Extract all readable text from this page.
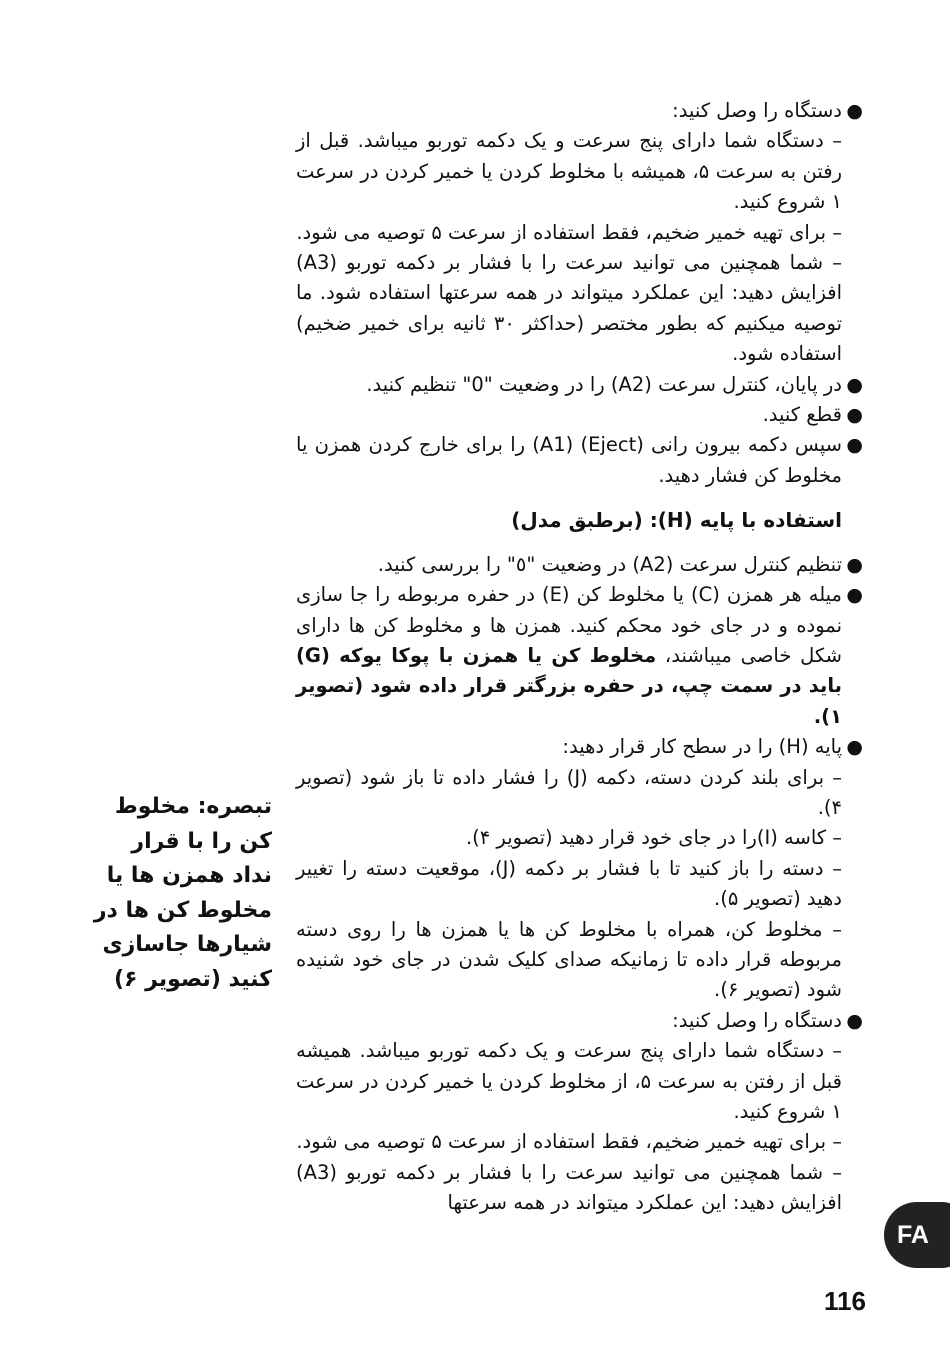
●
دستگاه را وصل کنید:

– دستگاه شما دارای پنج سرعت و یک دکمه توربو میباشد. قبل از رفتن به سرعت ۵، همیشه با مخلوط کردن یا خمیر کردن در سرعت ۱ شروع کنید.

– برای تهیه خمیر ضخیم، فقط استفاده از سرعت ۵ توصیه می شود.

– شما همچنین می توانید سرعت را با فشار بر دکمه توربو (A3) افزایش دهید: این عملکرد میتواند در همه سرعتها استفاده شود. ما توصیه میکنیم که بطور مختصر (حداکثر ۳۰ ثانیه برای خمیر ضخیم) استفاده شود.

●
در پایان، کنترل سرعت (A2) را در وضعیت "0" تنظیم کنید.

●
قطع کنید.

●
سپس دکمه بیرون رانی (Eject) (A1) را برای خارج کردن همزن یا مخلوط کن فشار دهید.

استفاده با پایه (H): (برطبق مدل)

●
تنظیم کنترل سرعت (A2) در وضعیت "٥" را بررسی کنید.

●
میله هر همزن (C) یا مخلوط کن (E) در حفره مربوطه را جا سازی نموده و در جای خود محکم کنید. همزن ها و مخلوط کن ها دارای شکل خاصی میباشند، مخلوط کن یا همزن با پوکا یوکه (G) باید در سمت چپ، در حفره بزرگتر قرار داده شود (تصویر ۱).

●
پایه (H) را در سطح کار قرار دهید:

– برای بلند کردن دسته، دکمه (J) را فشار داده تا باز شود (تصویر ۴).

– کاسه (I)را در جای خود قرار دهید (تصویر ۴).

– دسته را باز کنید تا با فشار بر دکمه (J)، موقعیت دسته را تغییر دهید (تصویر ۵).

– مخلوط کن، همراه با مخلوط کن ها یا همزن ها را روی دسته مربوطه قرار داده تا زمانیکه صدای کلیک شدن در جای خود شنیده شود (تصویر ۶).

●
دستگاه را وصل کنید:

– دستگاه شما دارای پنج سرعت و یک دکمه توربو میباشد. همیشه قبل از رفتن به سرعت ۵، از مخلوط کردن یا خمیر کردن در سرعت ۱ شروع کنید.

– برای تهیه خمیر ضخیم، فقط استفاده از سرعت ۵ توصیه می شود.

– شما همچنین می توانید سرعت را با فشار بر دکمه توربو (A3) افزایش دهید: این عملکرد میتواند در همه سرعتها

تبصره: مخلوط کن را با قرار نداد همزن ها یا مخلوط کن ها در شیارها جاسازی کنید (تصویر ۶)
FA
116
